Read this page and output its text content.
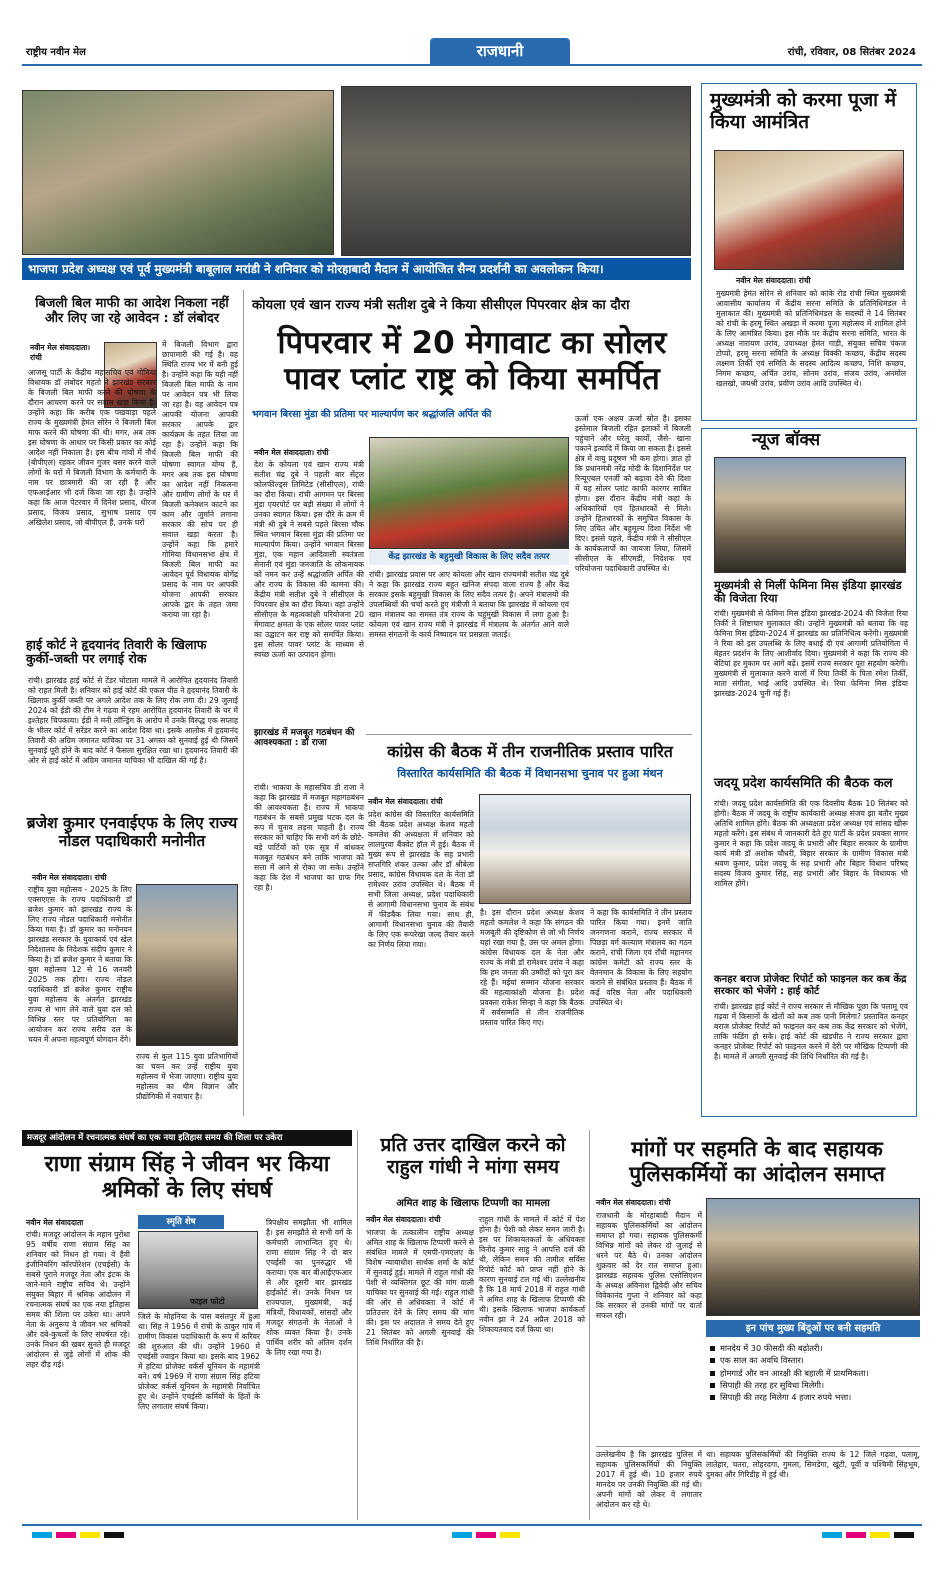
राष्ट्रीय नवीन मेल	राजधानी	रांची, रविवार, 08 सितंबर 2024
भाजपा प्रदेश अध्यक्ष एवं पूर्व मुख्यमंत्री बाबूलाल मरांडी ने शनिवार को मोरहाबादी मैदान में आयोजित सैन्य प्रदर्शनी का अवलोकन किया।
मुख्यमंत्री को करमा पूजा में किया आमंत्रित
नवीन मेल संवाददाता। रांची
मुख्यमंत्री हेमंत सोरेन से शनिवार को कांके रोड रांची स्थित मुख्यमंत्री आवासीय कार्यालय में केंद्रीय सरना समिति के प्रतिनिधिमंडल ने मुलाकात की। मुख्यमंत्री को प्रतिनिधिमंडल के सदस्यों ने 14 सितंबर को रांची के हरमू स्थित अखड़ा में करमा पूजा महोत्सव में शामिल होने के लिए आमंत्रित किया। इस मौके पर केंद्रीय सरना समिति, भारत के अध्यक्ष नारायण उरांव, उपाध्यक्ष हेमंत गाड़ी, संयुक्त सचिव पंकज टोप्पो, हरमू सरना समिति के अध्यक्ष विक्की कच्छप, केंद्रीय सदस्य लक्ष्मण तिर्की एवं समिति के सदस्य आदित्य कच्छप, निशि कच्छप, निगम कच्छप, अर्चित उरांव, सोनम उरांव, संजय उरांव, अनमोल खलखो, जयश्री उरांव, प्रवीण उरांव आदि उपस्थित थे।
बिजली बिल माफी का आदेश निकला नहीं और लिए जा रहे आवेदन : डॉ लंबोदर
नवीन मेल संवाददाता। रांची
आजसू पार्टी के केंद्रीय महासचिव एवं गोमिया विधायक डॉ लंबोदर महतो ने झारखंड सरकार के बिजली बिल माफी करने की घोषणा के दौरान आचरण करने पर सवाल खड़ा किया है। उन्होंने कहा कि करीब एक पखवाड़ा पहले राज्य के मुख्यमंत्री हेमंत सोरेन ने बिजली बिल माफ करने की घोषणा की थी। मगर, अब तक इस घोषणा के आधार पर किसी प्रकार का कोई आदेश नहीं निकाला है। इस बीच गांवों में नौर्थ (बीपीएल) रहकर जीवन गुजर बसर करने वाले लोगों के घरों में बिजली विभाग के कर्मचारी के नाम पर छात्रमारी की जा रही है और एफआईआर भी दर्ज किया जा रहा है। उन्होंने कहा कि आज पेटरवार में दिनेश प्रसाद, धीरज प्रसाद, विजय प्रसाद, सुभाष प्रसाद एवं अखिलेश प्रसाद, जो बीपीएल हैं, उनके घरों
में बिजली विभाग द्वारा छापामारी की गई है। वह स्थिति राज्य भर में बनी हुई है। उन्होंने कहा कि यही नहीं बिजली बिल माफी के नाम पर आवेदन पत्र भी लिया जा रहा है। वह आवेदन पत्र आपकी योजना आपकी सरकार आपके द्वार कार्यक्रम के तहत लिया जा रहा है। उन्होंने कहा कि बिजली बिल माफी की घोषणा स्वागत योग्य है, मगर अब तक इस घोषणा का आदेश नहीं निकलना और ग्रामीण लोगों के घर में बिजली कनेक्शन काटने का काम और जुर्माने लगाना सरकार की सोच पर ही सवाल खड़ा करता है। उन्होंने कहा कि हमारे गोमिया विधानसभा क्षेत्र में बिजली बिल माफी का आवेदन पूर्व विधायक योगेंद्र प्रसाद के नाम पर आपकी योजना आपकी सरकार आपके द्वार के तहत जमा कराया जा रहा है।
हाई कोर्ट ने हृदयानंद तिवारी के खिलाफ कुर्की-जब्ती पर लगाई रोक
रांची। झारखंड हाई कोर्ट से टेंडर घोटाला मामले में आरोपित हृदयानंद तिवारी को राहत मिली है। शनिवार को हाई कोर्ट की एकल पीठ ने हृदयानंद तिवारी के खिलाफ कुर्की जब्ती पर अगले आदेश तक के लिए रोक लगा दी। 29 जुलाई 2024 को ईडी की टीम ने गढ़वा में रहम आरोपित हृदयानंद तिवारी के घर में इश्तेहार चिपकाया। ईडी ने मनी लॉन्ड्रिंग के आरोप में उनके विरुद्ध एक सप्ताह के भीतर कोर्ट में सरेंडर करने का आदेश दिया था। इसके आलोक में हृदयानंद तिवारी की अग्रिम जमानत याचिका पर 31 अगस्त को सुनवाई हुई थी जिसमें सुनवाई पूरी होने के बाद कोर्ट ने फैसला सुरक्षित रखा था। हृदयानंद तिवारी की ओर से हाई कोर्ट में अग्रिम जमानत याचिका भी दाखिल की गई है।
ब्रजेश कुमार एनवाईएफ के लिए राज्य नोडल पदाधिकारी मनोनीत
नवीन मेल संवाददाता। रांची
राष्ट्रीय युवा महोत्सव - 2025 के लिए एक्सएएस के राज्य पदाधिकारी डॉ ब्रजेश कुमार को झारखंड राज्य के लिए राज्य नोडल पदाधिकारी मनोनीत किया गया है। डॉ कुमार का मनोनयन झारखंड सरकार के युवाकार्य एवं खेल निदेशालय के निदेशक संदीप कुमार ने किया है। डॉ ब्रजेश कुमार ने बताया कि युवा महोत्सव 12 से 16 जनवरी 2025 तक होगा। राज्य नोडल पदाधिकारी डॉ ब्रजेश कुमार राष्ट्रीय युवा महोत्सव के अंतर्गत झारखंड राज्य से भाग लेने वाले युवा दल को विभिन्न स्तर पर प्रतियोगिता का आयोजन कर राज्य सरीय दल के चयन में अपना महत्वपूर्ण योगदान देंगे।
राज्य से कुल 115 युवा प्रतिभागियों का चयन कर उन्हें राष्ट्रीय युवा महोत्सव में भेजा जाएगा। राष्ट्रीय युवा महोत्सव का थीम विज्ञान और प्रौद्योगिकी में नवाचार है।
कोयला एवं खान राज्य मंत्री सतीश दुबे ने किया सीसीएल पिपरवार क्षेत्र का दौरा
पिपरवार में 20 मेगावाट का सोलर पावर प्लांट राष्ट्र को किया समर्पित
भगवान बिरसा मुंडा की प्रतिमा पर माल्यार्पण कर श्रद्धांजलि अर्पित की
नवीन मेल संवाददाता। रांची
देश के कोयला एवं खान राज्य मंत्री सतीश चंद्र दुबे ने पहली बार सेंट्रल कोलफील्ड्स लिमिटेड (सीसीएल), रांची का दौरा किया। रांची आगमन पर बिरसा मुंडा एयरपोर्ट पर बड़ी संख्या में लोगों ने उनका स्वागत किया। इस दौरे के क्रम में मंत्री श्री दुबे ने सबसे पहले बिरसा चौक स्थित भगवान बिरसा मुंडा की प्रतिमा पर माल्यार्पण किया। उन्होंने भगवान बिरसा मुंडा, एक महान आदिवासी स्वतंत्रता सेनानी एवं मुंडा जनजाति के लोकनायक को नमन कर उन्हें श्रद्धांजलि अर्पित की और राज्य के विकास की कामना की। केंद्रीय मंत्री सतीश दुबे ने सीसीएल के पिपरवार क्षेत्र का दौरा किया। वहां उन्होंने सीसीएल के महत्वकांक्षी परियोजना 20 मेगावाट क्षमता के एक सोलर पावर प्लांट का उद्घाटन कर राष्ट्र को समर्पित किया। इस सोलर पावर प्लांट के माध्यम से स्वच्छ ऊर्जा का उत्पादन होगा।
झारखंड में मजबूत गठबंधन की आवश्यकता : डॉ राजा
रांची। भाकपा के महासचिव डी राजा ने कहा कि झारखंड में मजबूत महागठबंधन की आवश्यकता है। राज्य में भाकपा गठबंधन के सबसे प्रमुख घटक दल के रूप में चुनाव लड़ना चाहती है। राज्य सरकार को चाहिए कि सभी वर्ग के छोटे-बड़े पार्टियों को एक सूत्र में बांधकर मजबूत गठबंधन बने ताकि भाजपा को सत्ता में आने से रोका जा सके। उन्होंने कहा कि देश में भाजपा का ग्राफ गिर रहा है।
केंद्र झारखंड के बहुमुखी विकास के लिए सदैव तत्पर
रांची। झारखंड प्रवास पर आए कोयला और खान राज्यमंत्री सतीश चंद्र दुबे ने कहा कि झारखंड राज्य बहुत खनिज संपदा वाला राज्य है और केंद्र सरकार इसके बहुमुखी विकास के लिए सदैव तत्पर है। अपने मंत्रालयों की उपलब्धियों की चर्चा करते हुए मंत्रीजी ने बताया कि झारखंड में कोयला एवं खान मंत्रालय का समस्त तंत्र राज्य के चहुंमुखी विकास में लगा हुआ है। कोयला एवं खान राज्य मंत्री ने झारखंड में मंत्रालय के अंतर्गत आने वाले समस्त संगठनों के कार्य निष्पादन पर प्रसन्नता जताई।
ऊर्जा एक अक्षय ऊर्जा स्रोत है। इसका इस्तेमाल बिजली रहित इलाकों में बिजली पहुंचाने और घरेलू कार्यों, जैसे- खाना पकाने इत्यादि में किया जा सकता है। इससे क्षेत्र में वायु प्रदूषण भी कम होगा। ज्ञात हो कि प्रधानमंत्री नरेंद्र मोदी के दिशानिर्देश पर रिन्यूएबल एनर्जी को बढ़ावा देने की दिशा में यह सोलर प्लांट काफी कारगर साबित होगा। इस दौरान केंद्रीय मंत्री कहां के अधिकारियों एवं हितधारकों से मिले। उन्होंने हितधारकों के समुचित विकास के लिए उचित और बहुमूल्य दिशा निर्देश भी दिए। इससे पहले, केंद्रीय मंत्री ने सीसीएल के कार्यकलापों का जायजा लिया, जिसमें सीसीएल के सीएमडी, निदेशक एवं परियोजना पदाधिकारी उपस्थित थे।
कांग्रेस की बैठक में तीन राजनीतिक प्रस्ताव पारित
विस्तारित कार्यसमिति की बैठक में विधानसभा चुनाव पर हुआ मंथन
नवीन मेल संवाददाता। रांची
प्रदेश कांग्रेस की विस्तारित कार्यसमिति की बैठक प्रदेश अध्यक्ष केशव महतो कमलेश की अध्यक्षता में शनिवार को लालपुरवा बैंक्वेट हॉल में हुई। बैठक में मुख्य रूप से झारखंड के सह प्रभारी सप्तगिरि शंकर उल्का और डॉ श्रीबेला प्रसाद, कांग्रेस विधायक दल के नेता डॉ रामेश्वर उरांव उपस्थित थे। बैठक में सभी जिला अध्यक्ष, प्रदेश पदाधिकारी से आगामी विधानसभा चुनाव के संबंध में फीडबैक लिया गया। साथ ही, आगामी विधानसभा चुनाव की तैयारी के लिए एक रूपरेखा जल्द तैयार करने का निर्णय लिया गया।
है। इस दौरान प्रदेश अध्यक्ष केशव महतो कमलेश ने कहा कि संगठन की मजबूती की दृष्टिकोण से जो भी निर्णय यहां रखा गया है, उस पर अमल होगा। कांग्रेस विधायक दल के नेता और राज्य के मंत्री डॉ रामेश्वर उरांव ने कहा कि हम जनता की उम्मीदों को पूरा कर रहे हैं। मईयां सम्मान योजना सरकार की महत्वाकांक्षी योजना है। प्रदेश प्रवक्ता राकेश सिन्हा ने कहा कि बैठक में सर्वसम्मति से तीन राजनीतिक प्रस्ताव पारित किए गए।
ने कहा कि कार्यसमिति ने तीन प्रस्ताव पारित किया गया। इनमें जाति जनगणना कराने, राज्य सरकार में पिछड़ा वर्ग कल्याण मंत्रालय का गठन कराने, रांची जिला एवं राँची महानगर कांग्रेस कमेटी को राज्य स्तर के वेतनमान के विकास के लिए सहयोग कराने से संबंधित प्रस्ताव हैं। बैठक में कई वरिष्ठ नेता और पदाधिकारी उपस्थित थे।
न्यूज बॉक्स
मुख्यमंत्री से मिलीं फेमिना मिस इंडिया झारखंड की विजेता रिया
रांची। मुख्यमंत्री से फेमिना मिस इंडिया झारखंड-2024 की विजेता रिया तिर्की ने शिष्टाचार मुलाकात की। उन्होंने मुख्यमंत्री को बताया कि वह फेमिना मिस इंडिया-2024 में झारखंड का प्रतिनिधित्व करेंगी। मुख्यमंत्री ने रिया को इस उपलब्धि के लिए बधाई दी एवं आगामी प्रतियोगिता में बेहतर प्रदर्शन के लिए आशीर्वाद दिया। मुख्यमंत्री ने कहा कि राज्य की बेटियां हर मुकाम पर आगे बढ़ें। इसमें राज्य सरकार पूरा सहयोग करेगी। मुख्यमंत्री से मुलाकात करने वालों में रिया तिर्की के पिता रमेश तिर्की, माता संगीता, भाई आदि उपस्थित थे। रिया फेमिना मिस इंडिया झारखंड-2024 चुनी गई हैं।
जदयू प्रदेश कार्यसमिति की बैठक कल
रांची। जदयू प्रदेश कार्यसमिति की एक दिवसीय बैठक 10 सितंबर को होगी। बैठक में जदयू के राष्ट्रीय कार्यकारी अध्यक्ष संजय झा बतौर मुख्य अतिथि शामिल होंगे। बैठक की अध्यक्षता प्रदेश अध्यक्ष एवं सांसद खीरू महतो करेंगे। इस संबंध में जानकारी देते हुए पार्टी के प्रदेश प्रवक्ता सागर कुमार ने कहा कि प्रदेश जदयू के प्रभारी और बिहार सरकार के ग्रामीण कार्य मंत्री डॉ अशोक चौधरी, बिहार सरकार के ग्रामीण विकास मंत्री श्रवण कुमार, प्रदेश जदयू के सह प्रभारी और बिहार विधान परिषद सदस्य विजय कुमार सिंह, सह प्रभारी और बिहार के विधायक भी शामिल होंगे।
कनहर बराज प्रोजेक्ट रिपोर्ट को फाइनल कर कब केंद्र सरकार को भेजेंगे : हाई कोर्ट
रांची। झारखंड हाई कोर्ट ने राज्य सरकार से मौखिक पूछा कि पलामू एवं गढ़वा में किसानों के खेतों को कब तक पानी मिलेगा? प्रस्तावित कनहर बराज प्रोजेक्ट रिपोर्ट को फाइनल कर कब तक केंद्र सरकार को भेजेंगे, ताकि फंडिंग हो सके। हाई कोर्ट की खंडपीठ ने राज्य सरकार द्वारा कनहर प्रोजेक्ट रिपोर्ट को फाइनल करने में देरी पर मौखिक टिप्पणी की है। मामले में अगली सुनवाई की तिथि निर्धारित की गई है।
मजदूर आंदोलन में रचनात्मक संघर्ष का एक नया इतिहास समय की शिला पर उकेरा
राणा संग्राम सिंह ने जीवन भर किया श्रमिकों के लिए संघर्ष
नवीन मेल संवाददाता
रांची। मजदूर आंदोलन के महान पुरोधा 95 वर्षीय राणा संग्राम सिंह का शनिवार को निधन हो गया। वे हैवी इंजीनियरिंग कॉरपोरेशन (एचईसी) के सबसे पुराने मजदूर नेता और इंटक के जाने-माने राष्ट्रीय सचिव थे। उन्होंने संयुक्त बिहार में श्रमिक आंदोलन में रचनात्मक संघर्ष का एक नया इतिहास समय की शिला पर उकेरा था। अपने नेता के अनुरूप वे जीवन भर श्रमिकों और दबे-कुचलों के लिए संघर्षरत रहे। उनके निधन की खबर सुनते ही मजदूर आंदोलन से जुड़े लोगों में शोक की लहर दौड़ गई।
स्मृति शेष
फाइल फोटो
जिले के मोहनिया के पास बसंतपुर में हुआ था। सिंह ने 1956 में रांची के ठाकुर गांव में ग्रामीण विकास पदाधिकारी के रूप में करियर की शुरुआत की थी। उन्होंने 1960 में एचईसी ज्वाइन किया था। इसके बाद 1962 में हटिया प्रोजेक्ट वर्कर्स यूनियन के महामंत्री बने। वर्ष 1969 में राणा संग्राम सिंह हटिया प्रोजेक्ट वर्कर्स यूनियन के महामंत्री निर्वाचित हुए थे। उन्होंने एचईसी कर्मियों के हितों के लिए लगातार संघर्ष किया।
त्रिपक्षीय समझौता भी शामिल है। इस समझौते से सभी वर्ग के कर्मचारी लाभान्वित हुए थे। राणा संग्राम सिंह ने दो बार एचईसी का पुनरुद्धार भी कराया। एक बार बीआईएफआर से और दूसरी बार झारखंड हाईकोर्ट से। उनके निधन पर राज्यपाल, मुख्यमंत्री, कई मंत्रियों, विधायकों, सांसदों और मजदूर संगठनों के नेताओं ने शोक व्यक्त किया है। उनके पार्थिव शरीर को अंतिम दर्शन के लिए रखा गया है।
प्रति उत्तर दाखिल करने को राहुल गांधी ने मांगा समय
अमित शाह के खिलाफ टिप्पणी का मामला
नवीन मेल संवाददाता। रांची
भाजपा के तत्कालीन राष्ट्रीय अध्यक्ष अमित शाह के खिलाफ टिप्पणी करने से संबंधित मामले में एमपी-एमएलए के विशेष न्यायाधीश सार्थक शर्मा के कोर्ट में सुनवाई हुई। मामले में राहुल गांधी की पेशी से व्यक्तिगत छूट की मांग वाली याचिका पर सुनवाई की गई। राहुल गांधी की ओर से अधिवक्ता ने कोर्ट में प्रतिउत्तर देने के लिए समय की मांग की। इस पर अदालत ने समय देते हुए 21 सितंबर को अगली सुनवाई की तिथि निर्धारित की है।
राहुल गांधी के मामले में कोर्ट में पेश होना है। पेशी को लेकर समन जारी है। इस पर शिकायतकर्ता के अधिवक्ता विनोद कुमार साहु ने आपत्ति दर्ज की थी, लेकिन समन की तामील सर्विस रिपोर्ट कोर्ट को प्राप्त नहीं होने के कारण सुनवाई टल गई थी। उल्लेखनीय है कि 18 मार्च 2018 में राहुल गांधी ने अमित शाह के खिलाफ टिप्पणी की थी। इसके खिलाफ भाजपा कार्यकर्ता नवीन झा ने 24 अप्रैल 2018 को शिकायतवाद दर्ज किया था।
मांगों पर सहमति के बाद सहायक पुलिसकर्मियों का आंदोलन समाप्त
नवीन मेल संवाददाता। रांची
राजधानी के मोरहाबादी मैदान में सहायक पुलिसकर्मियों का आंदोलन समाप्त हो गया। सहायक पुलिसकर्मी विभिन्न मांगों को लेकर दो जुलाई से धरने पर बैठे थे। उनका आंदोलन शुक्रवार को देर रात समाप्त हुआ। झारखंड सहायक पुलिस एसोसिएशन के अध्यक्ष अविनाश द्विवेदी और सचिव विवेकानंद गुप्ता ने शनिवार को कहा कि सरकार से उनकी मांगों पर वार्ता सफल रही।
इन पांच मुख्य बिंदुओं पर बनी सहमति
मानदेय में 30 फीसदी की बढ़ोतरी।
एक साल का अवधि विस्तार।
होमगार्ड और वन आरक्षी की बहाली में प्राथमिकता।
सिपाही की तरह हर सुविधा मिलेगी।
सिपाही की तरह मिलेगा 4 हजार रुपये भत्ता।
उल्लेखनीय है कि झारखंड पुलिस में सहायक पुलिसकर्मियों की नियुक्ति 2017 में हुई थी। 10 हजार रुपये मानदेय पर उनकी नियुक्ति की गई थी। अपनी मांगों को लेकर वे लगातार आंदोलन कर रहे थे।
था। सहायक पुलिसकर्मियों की नियुक्ति राज्य के 12 जिले गढ़वा, पलामू, लातेहार, चतरा, लोहरदगा, गुमला, सिमडेगा, खूंटी, पूर्वी व पश्चिमी सिंहभूम, दुमका और गिरिडीह में हुई थी।
